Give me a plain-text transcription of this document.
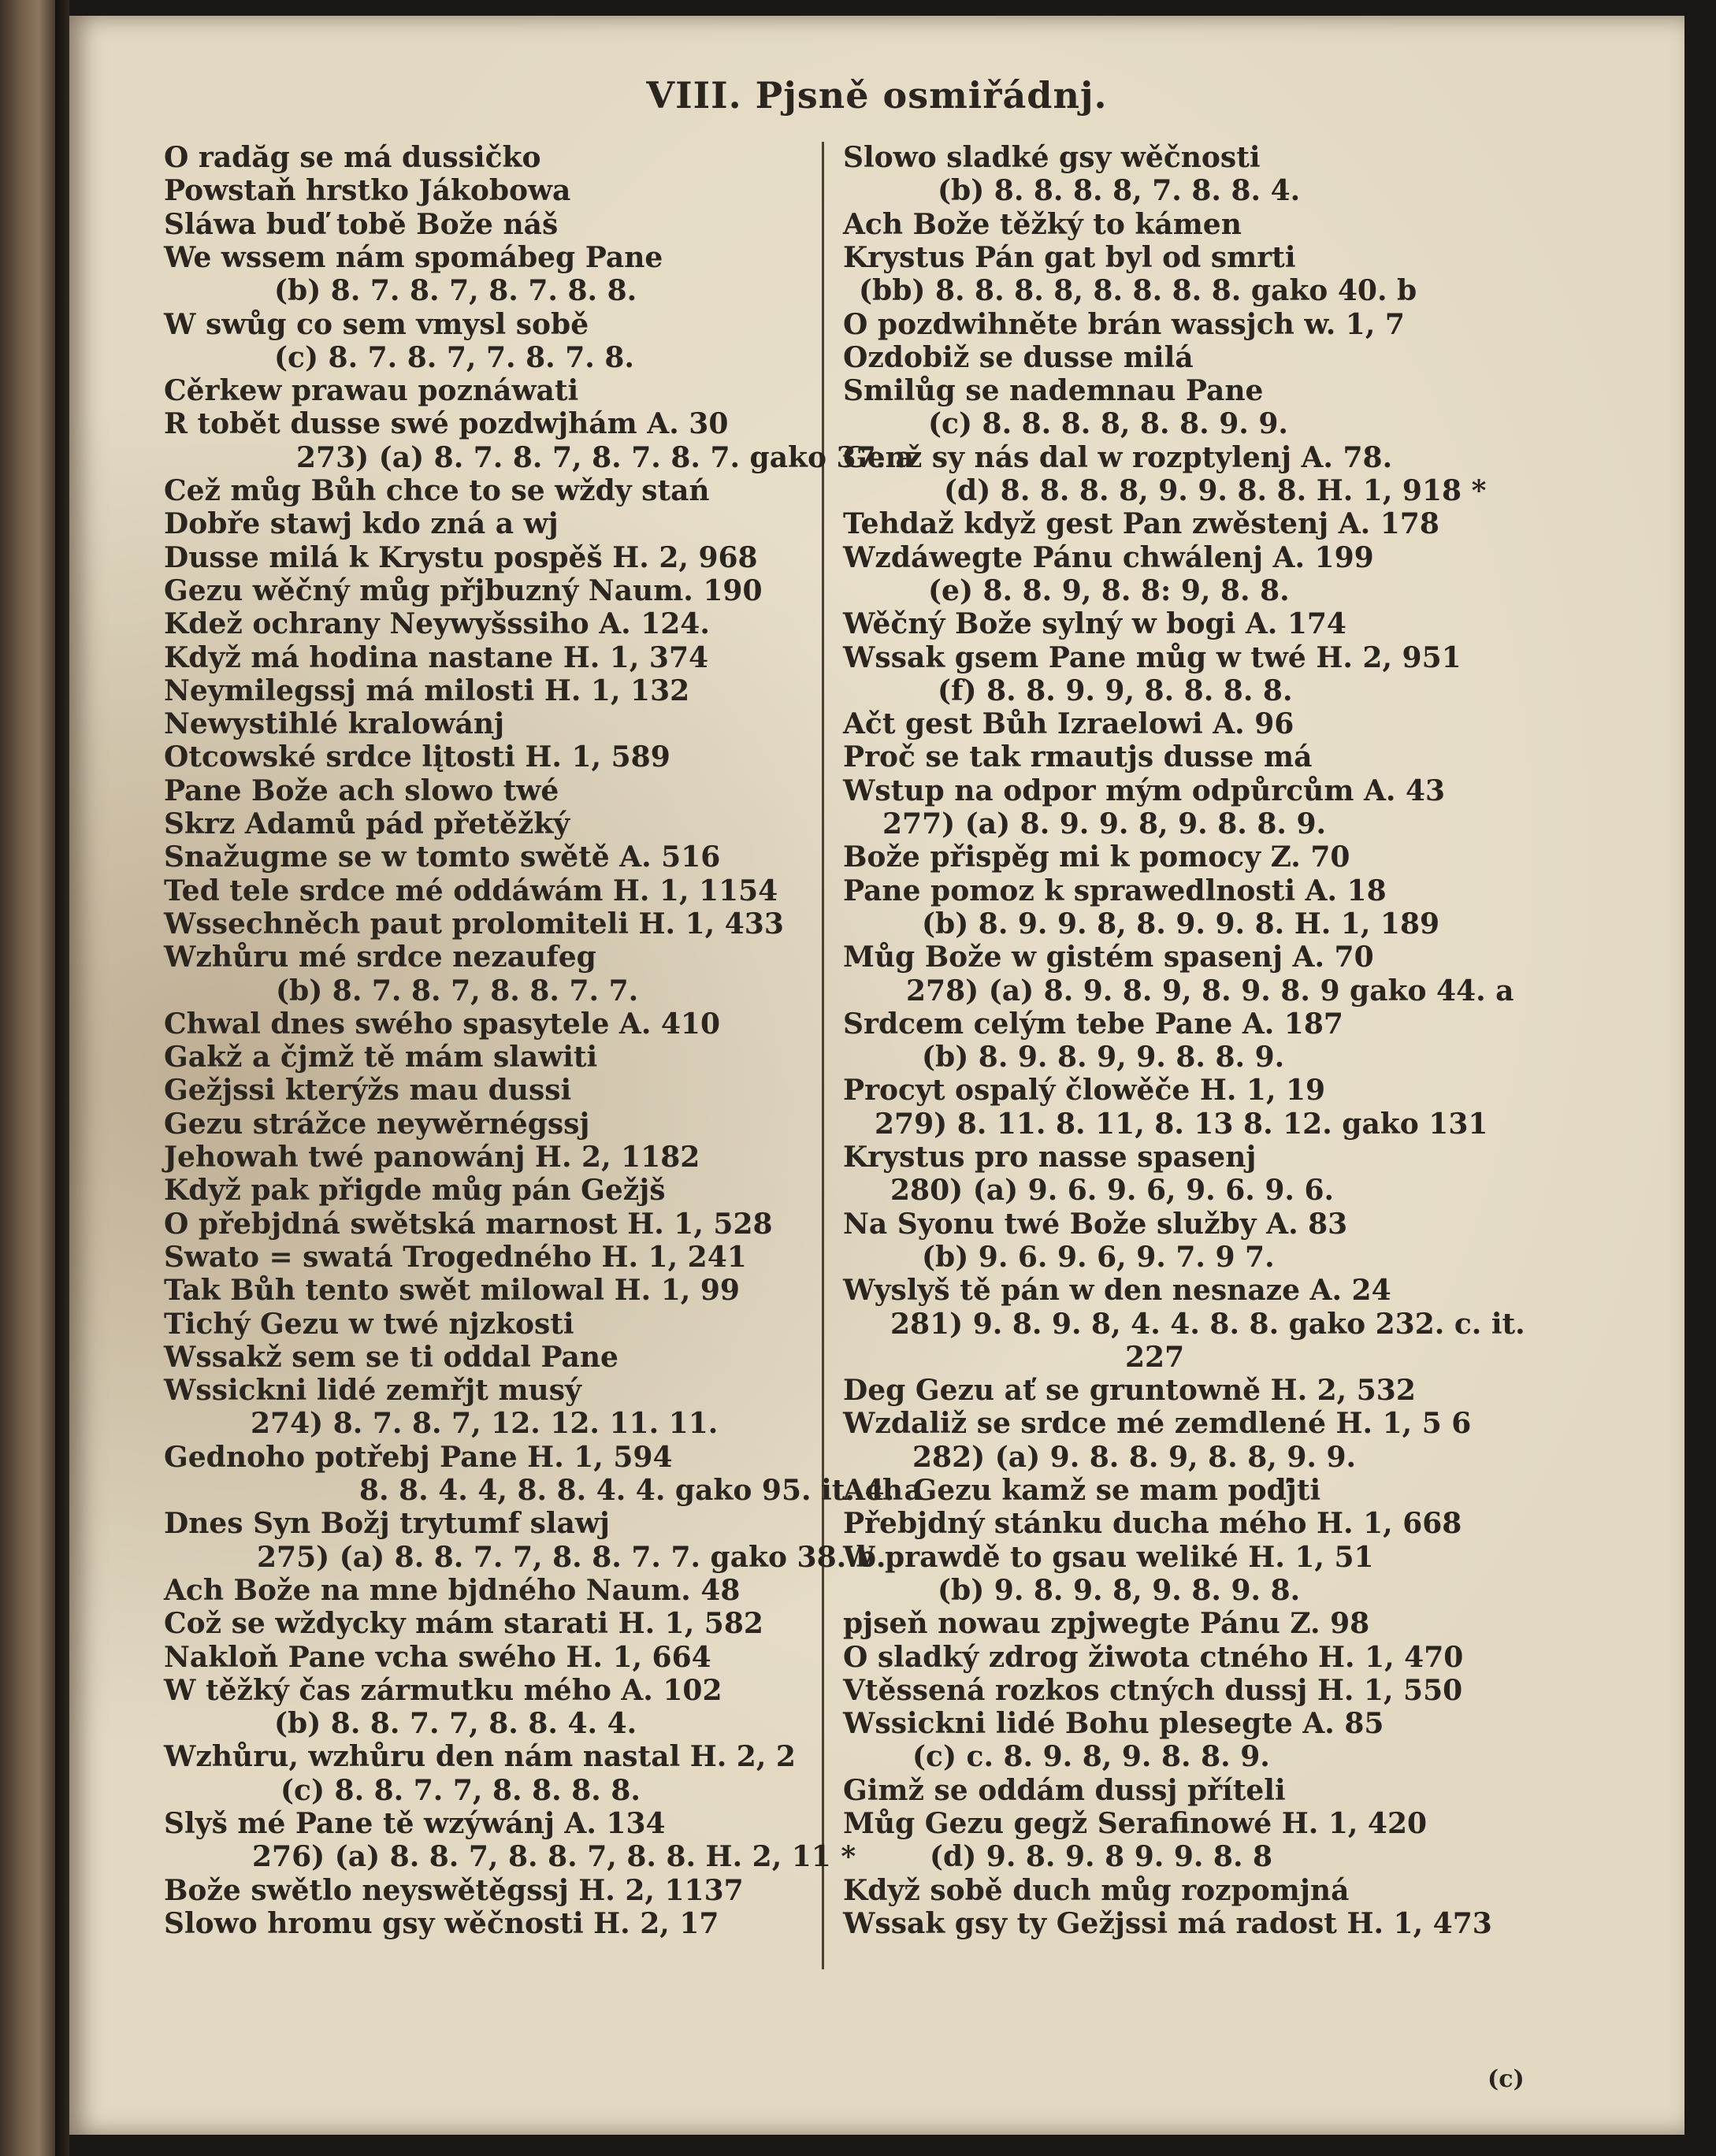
VIII. Pjsně osmiřádnj.
O radăg se má dussičko
Powstaň hrstko Jákobowa
Sláwa buď tobě Bože náš
We wssem nám spomábeg Pane
(b) 8. 7. 8. 7, 8. 7. 8. 8.
W swůg co sem vmysl sobě
(c) 8. 7. 8. 7, 7. 8. 7. 8.
Cěrkew prawau poznáwati
R tobět dusse swé pozdwjhám A. 30
273) (a) 8. 7. 8. 7, 8. 7. 8. 7. gako 37. a
Cež můg Bůh chce to se wždy stań
Dobře stawj kdo zná a wj
Dusse milá k Krystu pospěš H. 2, 968
Gezu wěčný můg přjbuzný Naum. 190
Kdež ochrany Neywyšssiho A. 124.
Když má hodina nastane H. 1, 374
Neymilegssj má milosti H. 1, 132
Newystihlé kralowánj
Otcowské srdce lįtosti H. 1, 589
Pane Bože ach slowo twé
Skrz Adamů pád přetěžký
Snažugme se w tomto swětě A. 516
Ted tele srdce mé oddáwám H. 1, 1154
Wssechněch paut prolomiteli H. 1, 433
Wzhůru mé srdce nezaufeg
(b) 8. 7. 8. 7, 8. 8. 7. 7.
Chwal dnes swého spasytele A. 410
Gakž a čjmž tě mám slawiti
Gežjssi kterýžs mau dussi
Gezu strážce neywěrnégssj
Jehowah twé panowánj H. 2, 1182
Když pak přigde můg pán Gežjš
O přebjdná swětská marnost H. 1, 528
Swato = swatá Trogedného H. 1, 241
Tak Bůh tento swět milowal H. 1, 99
Tichý Gezu w twé njzkosti
Wssakž sem se ti oddal Pane
Wssickni lidé zemřjt musý
274) 8. 7. 8. 7, 12. 12. 11. 11.
Gednoho potřebj Pane H. 1, 594
8. 8. 4. 4, 8. 8. 4. 4. gako 95. it. 4. a
Dnes Syn Božj trytumf slawj
275) (a) 8. 8. 7. 7, 8. 8. 7. 7. gako 38. b.
Ach Bože na mne bjdného Naum. 48
Což se wždycky mám starati H. 1, 582
Nakloň Pane vcha swého H. 1, 664
W těžký čas zármutku mého A. 102
(b) 8. 8. 7. 7, 8. 8. 4. 4.
Wzhůru, wzhůru den nám nastal H. 2, 2
(c) 8. 8. 7. 7, 8. 8. 8. 8.
Slyš mé Pane tě wzýwánj A. 134
276) (a) 8. 8. 7, 8. 8. 7, 8. 8. H. 2, 11 *
Bože swětlo neyswětěgssj H. 2, 1137
Slowo hromu gsy wěčnosti H. 2, 17
Slowo sladké gsy wěčnosti
(b) 8. 8. 8. 8, 7. 8. 8. 4.
Ach Bože těžký to kámen
Krystus Pán gat byl od smrti
(bb) 8. 8. 8. 8, 8. 8. 8. 8. gako 40. b
O pozdwihněte brán wassjch w. 1, 7
Ozdobiž se dusse milá
Smilůg se nademnau Pane
(c) 8. 8. 8. 8, 8. 8. 9. 9.
Genž sy nás dal w rozptylenj A. 78.
(d) 8. 8. 8. 8, 9. 9. 8. 8. H. 1, 918 *
Tehdaž když gest Pan zwěstenj A. 178
Wzdáwegte Pánu chwálenj A. 199
(e) 8. 8. 9, 8. 8: 9, 8. 8.
Wěčný Bože sylný w bogi A. 174
Wssak gsem Pane můg w twé H. 2, 951
(f) 8. 8. 9. 9, 8. 8. 8. 8.
Ačt gest Bůh Izraelowi A. 96
Proč se tak rmautjs dusse má
Wstup na odpor mým odpůrcům A. 43
277) (a) 8. 9. 9. 8, 9. 8. 8. 9.
Bože přispěg mi k pomocy Z. 70
Pane pomoz k sprawedlnosti A. 18
(b) 8. 9. 9. 8, 8. 9. 9. 8. H. 1, 189
Můg Bože w gistém spasenj A. 70
278) (a) 8. 9. 8. 9, 8. 9. 8. 9 gako 44. a
Srdcem celým tebe Pane A. 187
(b) 8. 9. 8. 9, 9. 8. 8. 9.
Procyt ospalý člowěče H. 1, 19
279) 8. 11. 8. 11, 8. 13 8. 12. gako 131
Krystus pro nasse spasenj
280) (a) 9. 6. 9. 6, 9. 6. 9. 6.
Na Syonu twé Bože služby A. 83
(b) 9. 6. 9. 6, 9. 7. 9 7.
Wyslyš tě pán w den nesnaze A. 24
281) 9. 8. 9. 8, 4. 4. 8. 8. gako 232. c. it.
227
Deg Gezu ať se gruntowně H. 2, 532
Wzdaliž se srdce mé zemdlené H. 1, 5 6
282) (a) 9. 8. 8. 9, 8. 8, 9. 9.
Ach Gezu kamž se mam poďjti
Přebjdný stánku ducha mého H. 1, 668
W prawdě to gsau weliké H. 1, 51
(b) 9. 8. 9. 8, 9. 8. 9. 8.
pjseň nowau zpjwegte Pánu Z. 98
O sladký zdrog žiwota ctného H. 1, 470
Vtěssená rozkos ctných dussj H. 1, 550
Wssickni lidé Bohu plesegte A. 85
(c) c. 8. 9. 8, 9. 8. 8. 9.
Gimž se oddám dussj příteli
Můg Gezu gegž Serafinowé H. 1, 420
(d) 9. 8. 9. 8 9. 9. 8. 8
Když sobě duch můg rozpomjná
Wssak gsy ty Gežjssi má radost H. 1, 473
(c)
